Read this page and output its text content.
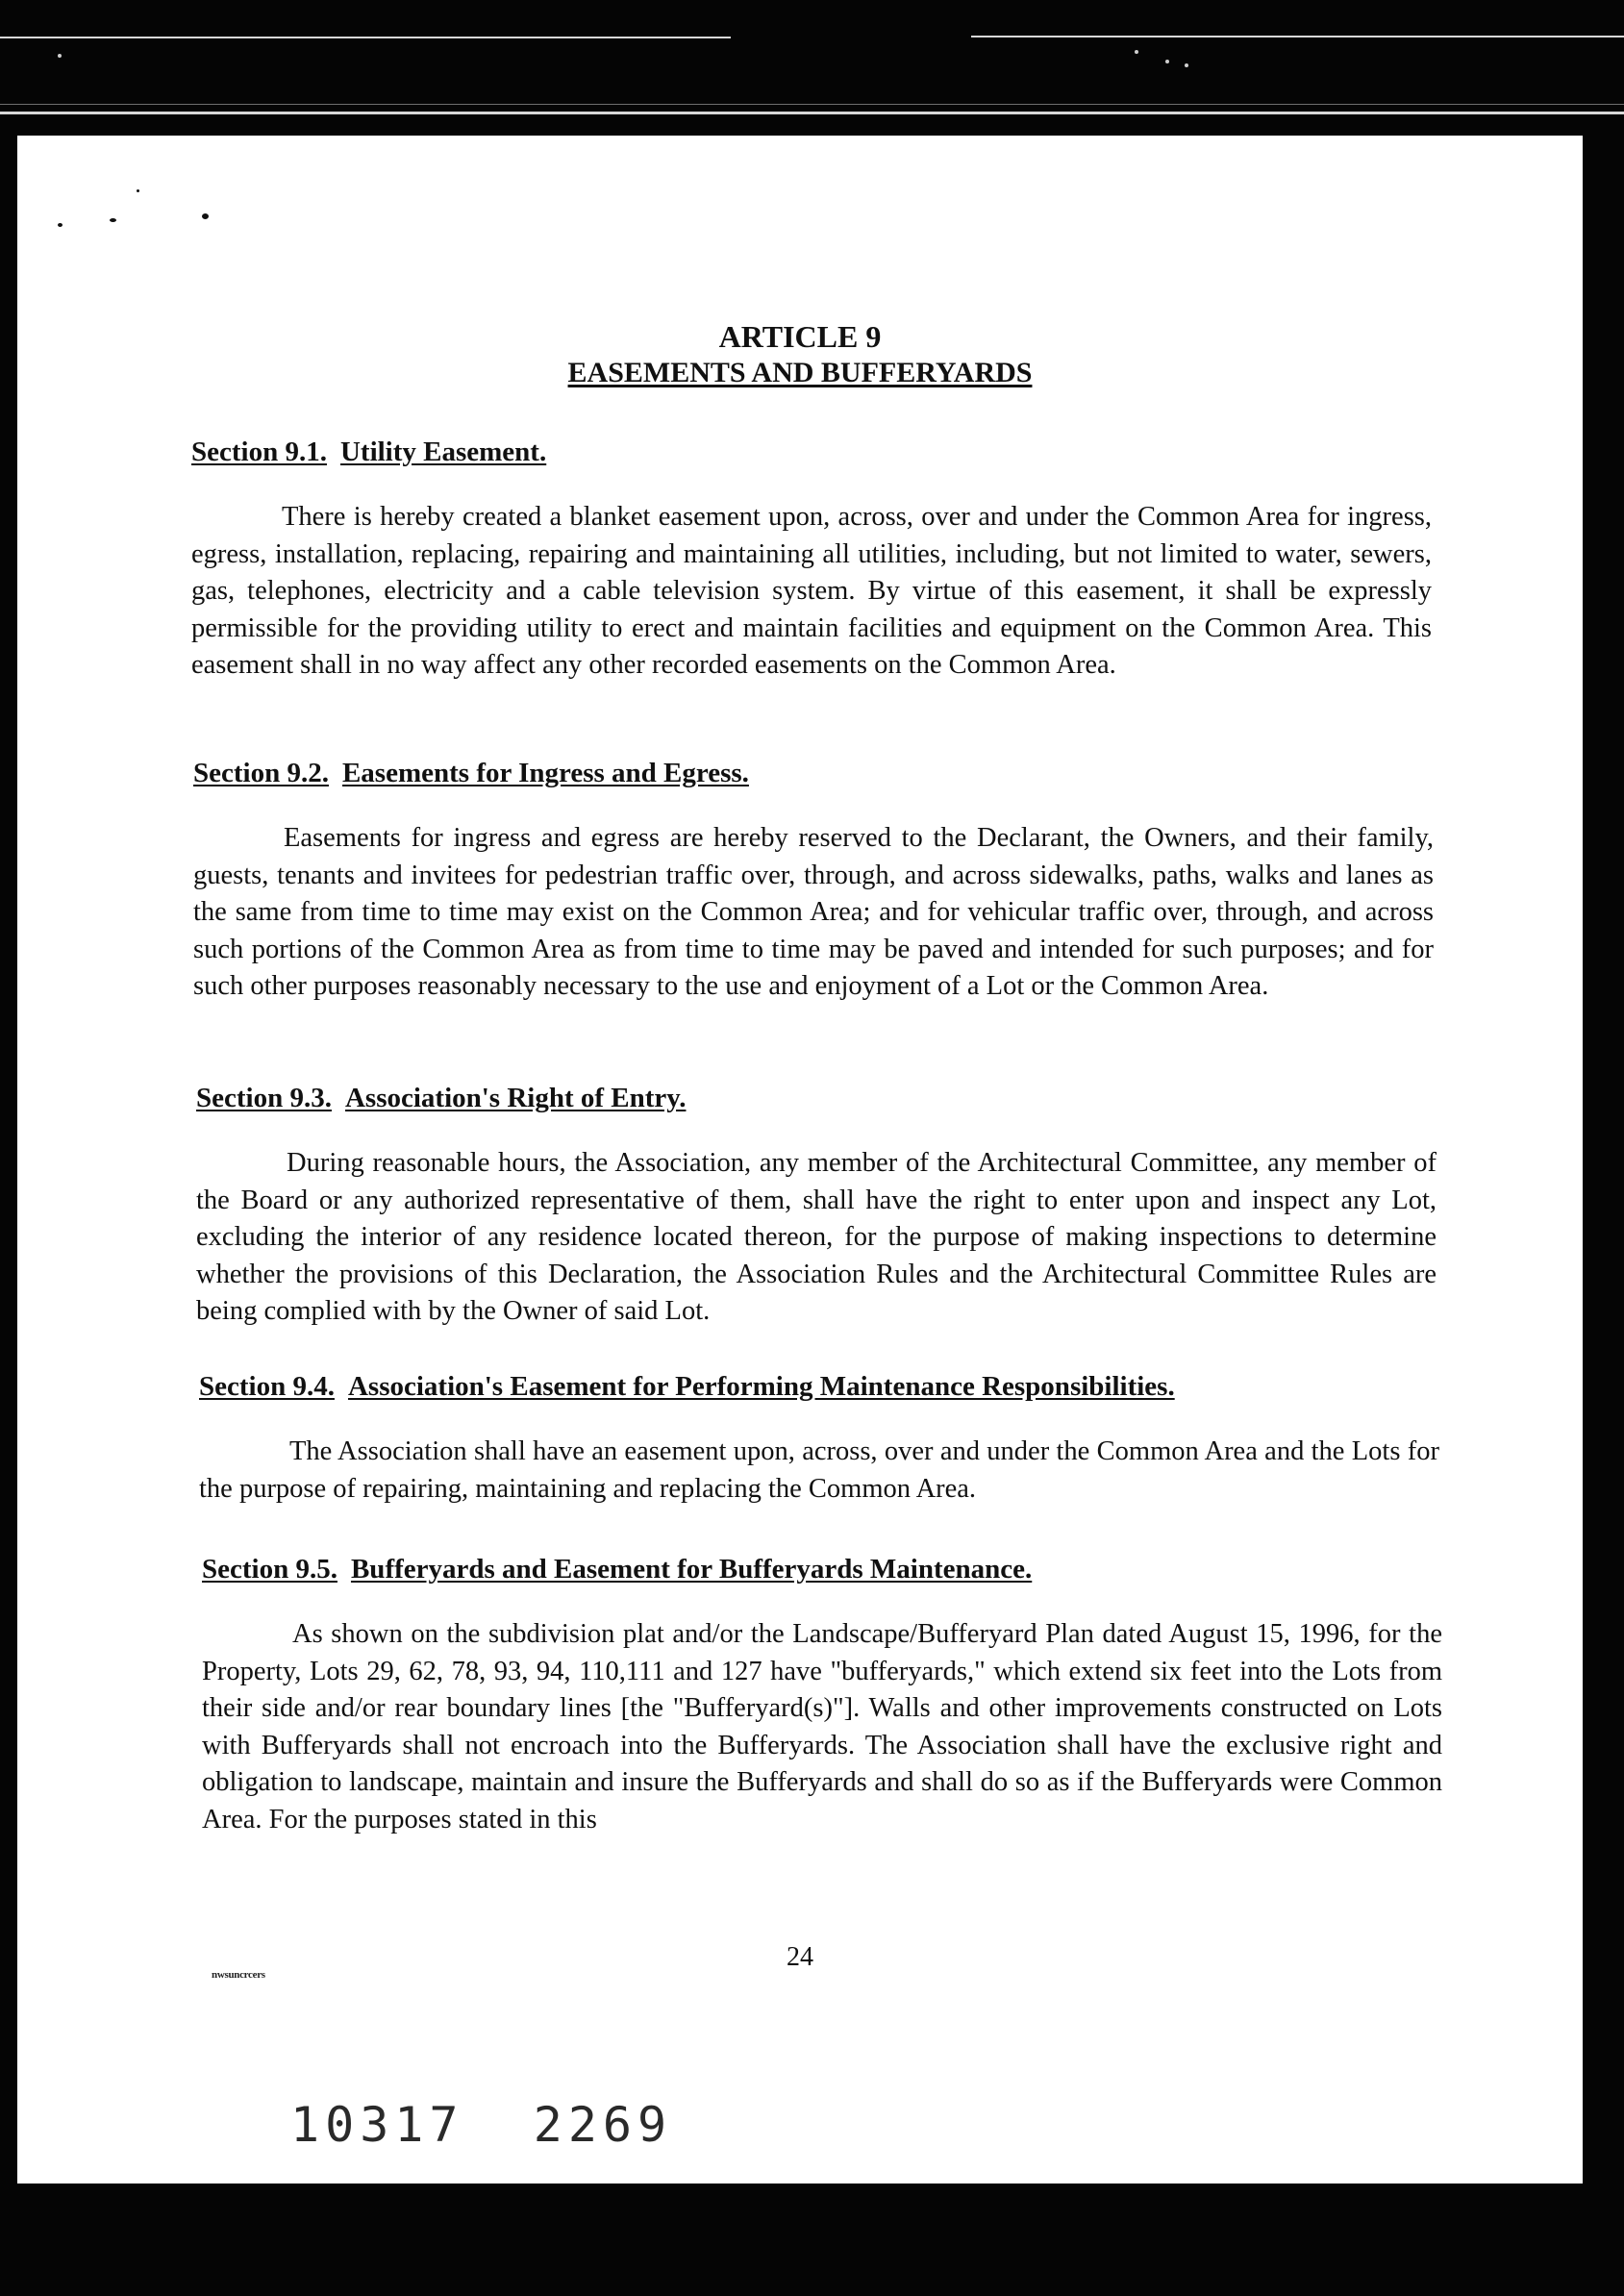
ARTICLE 9
EASEMENTS AND BUFFERYARDS
Section 9.1. Utility Easement.

There is hereby created a blanket easement upon, across, over and under the Common Area for ingress, egress, installation, replacing, repairing and maintaining all utilities, including, but not limited to water, sewers, gas, telephones, electricity and a cable television system. By virtue of this easement, it shall be expressly permissible for the providing utility to erect and maintain facilities and equipment on the Common Area. This easement shall in no way affect any other recorded easements on the Common Area.

Section 9.2. Easements for Ingress and Egress.

Easements for ingress and egress are hereby reserved to the Declarant, the Owners, and their family, guests, tenants and invitees for pedestrian traffic over, through, and across sidewalks, paths, walks and lanes as the same from time to time may exist on the Common Area; and for vehicular traffic over, through, and across such portions of the Common Area as from time to time may be paved and intended for such purposes; and for such other purposes reasonably necessary to the use and enjoyment of a Lot or the Common Area.

Section 9.3. Association's Right of Entry.

During reasonable hours, the Association, any member of the Architectural Committee, any member of the Board or any authorized representative of them, shall have the right to enter upon and inspect any Lot, excluding the interior of any residence located thereon, for the purpose of making inspections to determine whether the provisions of this Declaration, the Association Rules and the Architectural Committee Rules are being complied with by the Owner of said Lot.

Section 9.4. Association's Easement for Performing Maintenance Responsibilities.

The Association shall have an easement upon, across, over and under the Common Area and the Lots for the purpose of repairing, maintaining and replacing the Common Area.

Section 9.5. Bufferyards and Easement for Bufferyards Maintenance.

As shown on the subdivision plat and/or the Landscape/Bufferyard Plan dated August 15, 1996, for the Property, Lots 29, 62, 78, 93, 94, 110,111 and 127 have "bufferyards," which extend six feet into the Lots from their side and/or rear boundary lines [the "Bufferyard(s)"]. Walls and other improvements constructed on Lots with Bufferyards shall not encroach into the Bufferyards. The Association shall have the exclusive right and obligation to landscape, maintain and insure the Bufferyards and shall do so as if the Bufferyards were Common Area. For the purposes stated in this

24
nwsuncrcers
10317  2269
